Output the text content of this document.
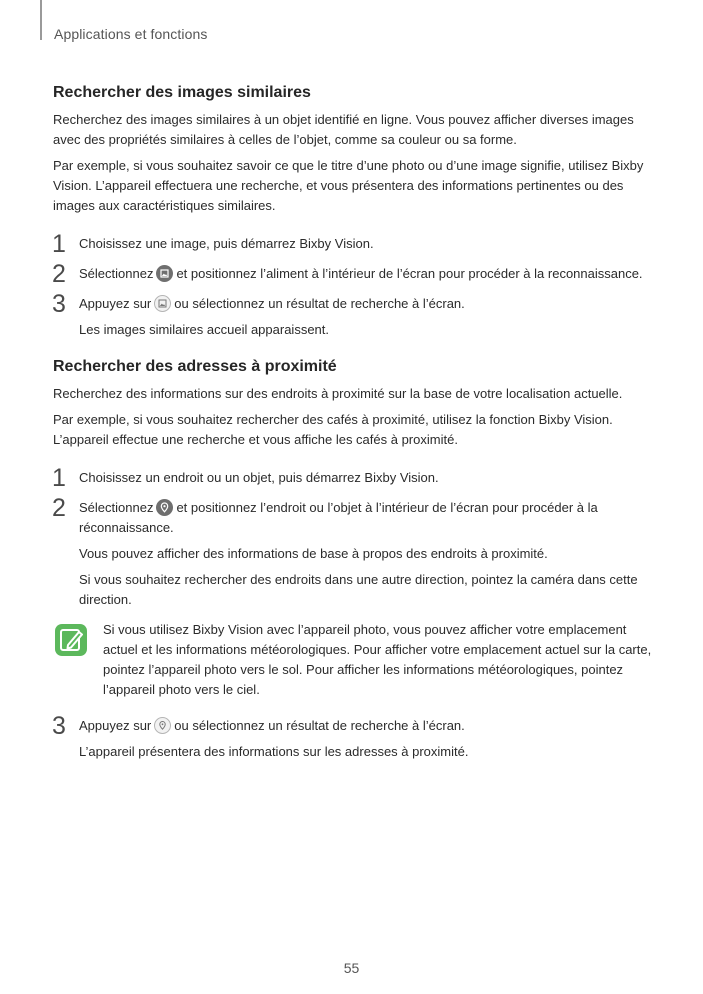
Applications et fonctions
Rechercher des images similaires

Recherchez des images similaires à un objet identifié en ligne. Vous pouvez afficher diverses images avec des propriétés similaires à celles de l’objet, comme sa couleur ou sa forme.

Par exemple, si vous souhaitez savoir ce que le titre d’une photo ou d’une image signifie, utilisez Bixby Vision. L’appareil effectuera une recherche, et vous présentera des informations pertinentes ou des images aux caractéristiques similaires.

1 Choisissez une image, puis démarrez Bixby Vision.

2 Sélectionnez et positionnez l’aliment à l’intérieur de l’écran pour procéder à la reconnaissance.

3 Appuyez sur ou sélectionnez un résultat de recherche à l’écran.

Les images similaires accueil apparaissent.

Rechercher des adresses à proximité

Recherchez des informations sur des endroits à proximité sur la base de votre localisation actuelle.

Par exemple, si vous souhaitez rechercher des cafés à proximité, utilisez la fonction Bixby Vision. L’appareil effectue une recherche et vous affiche les cafés à proximité.

1 Choisissez un endroit ou un objet, puis démarrez Bixby Vision.

2 Sélectionnez et positionnez l’endroit ou l’objet à l’intérieur de l’écran pour procéder à la réconnaissance.

Vous pouvez afficher des informations de base à propos des endroits à proximité.

Si vous souhaitez rechercher des endroits dans une autre direction, pointez la caméra dans cette direction.

Si vous utilisez Bixby Vision avec l’appareil photo, vous pouvez afficher votre emplacement actuel et les informations météorologiques. Pour afficher votre emplacement actuel sur la carte, pointez l’appareil photo vers le sol. Pour afficher les informations météorologiques, pointez l’appareil photo vers le ciel.

3 Appuyez sur ou sélectionnez un résultat de recherche à l’écran.

L’appareil présentera des informations sur les adresses à proximité.

55
